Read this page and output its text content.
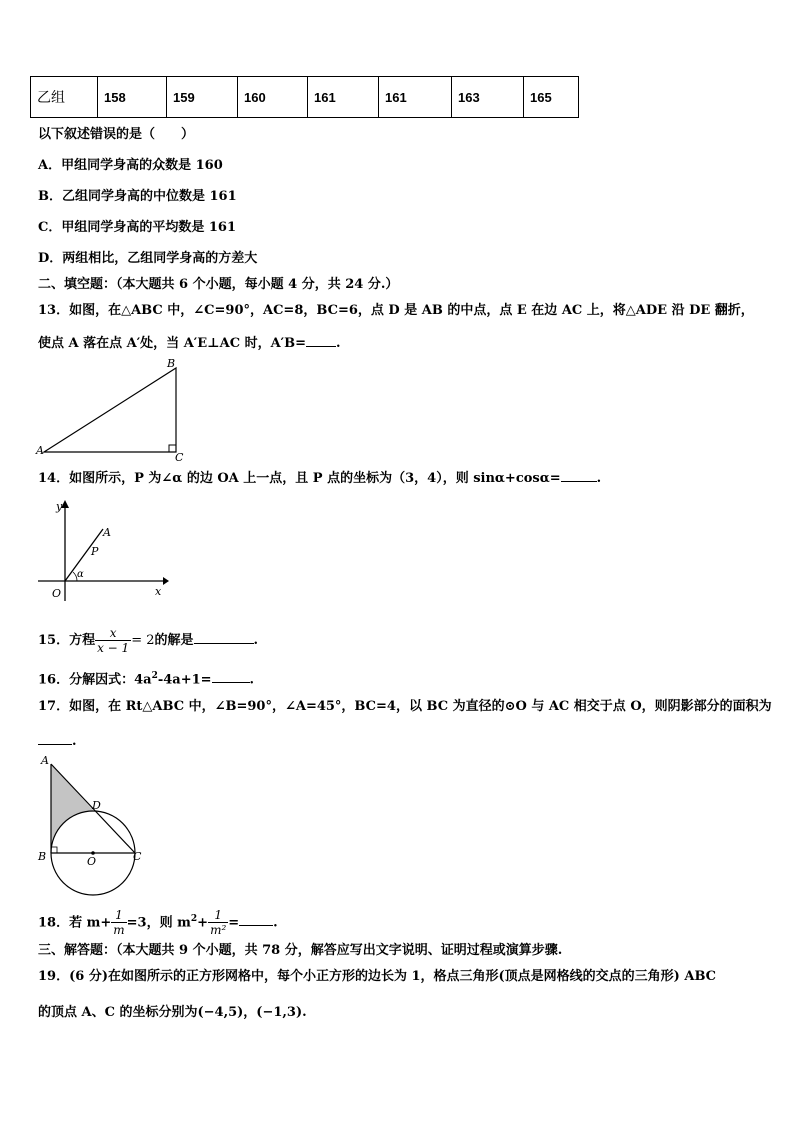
乙组	158	159	160	161	161	163	165
以下叙述错误的是（　　）
A．甲组同学身高的众数是 160
B．乙组同学身高的中位数是 161
C．甲组同学身高的平均数是 161
D．两组相比，乙组同学身高的方差大
二、填空题：（本大题共 6 个小题，每小题 4 分，共 24 分.）
13．如图，在△ABC 中，∠C=90°，AC=8，BC=6，点 D 是 AB 的中点，点 E 在边 AC 上，将△ADE 沿 DE 翻折，
使点 A 落在点 A′处，当 A′E⊥AC 时，A′B= .
A
B
C
14．如图所示，P 为∠α 的边 OA 上一点，且 P 点的坐标为（3，4），则 sinα+cosα=	.
y
x
O
A
P
α
15．方程 $\frac{x}{x - 1} = 2$的解是	.
16．分解因式：$4a^2-4a+1=$	.
17．如图，在 Rt△ABC 中，∠B=90°，∠A=45°，BC=4，以 BC 为直径的⊙O 与 AC 相交于点 O，则阴影部分的面积为
.
A
B	C
D
O
18．若 $m+ \frac{1}{m} =3$，则 $m^2+ \frac{1}{\text{m²}}$ =	.
三、解答题：（本大题共 9 个小题，共 78 分，解答应写出文字说明、证明过程或演算步骤.
19．(6 分)在如图所示的正方形网格中，每个小正方形的边长为 1，格点三角形(顶点是网格线的交点的三角形) ABC
的顶点 A、C 的坐标分别为(−4,5)，(−1,3).
